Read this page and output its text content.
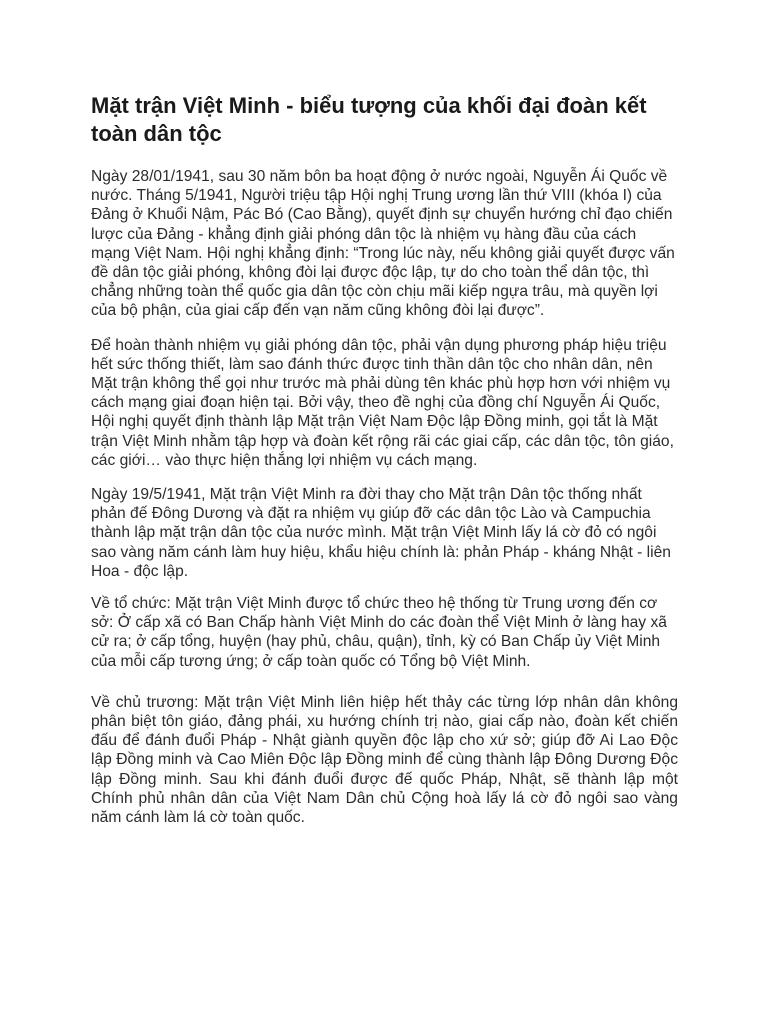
Mặt trận Việt Minh - biểu tượng của khối đại đoàn kết toàn dân tộc

Ngày 28/01/1941, sau 30 năm bôn ba hoạt động ở nước ngoài, Nguyễn Ái Quốc về nước. Tháng 5/1941, Người triệu tập Hội nghị Trung ương lần thứ VIII (khóa I) của Đảng ở Khuổi Nậm, Pác Bó (Cao Bằng), quyết định sự chuyển hướng chỉ đạo chiến lược của Đảng - khẳng định giải phóng dân tộc là nhiệm vụ hàng đầu của cách mạng Việt Nam. Hội nghị khẳng định: “Trong lúc này, nếu không giải quyết được vấn đề dân tộc giải phóng, không đòi lại được độc lập, tự do cho toàn thể dân tộc, thì chẳng những toàn thể quốc gia dân tộc còn chịu mãi kiếp ngựa trâu, mà quyền lợi của bộ phận, của giai cấp đến vạn năm cũng không đòi lại được”.

Để hoàn thành nhiệm vụ giải phóng dân tộc, phải vận dụng phương pháp hiệu triệu hết sức thống thiết, làm sao đánh thức được tinh thần dân tộc cho nhân dân, nên Mặt trận không thể gọi như trước mà phải dùng tên khác phù hợp hơn với nhiệm vụ cách mạng giai đoạn hiện tại. Bởi vậy, theo đề nghị của đồng chí Nguyễn Ái Quốc, Hội nghị quyết định thành lập Mặt trận Việt Nam Độc lập Đồng minh, gọi tắt là Mặt trận Việt Minh nhằm tập hợp và đoàn kết rộng rãi các giai cấp, các dân tộc, tôn giáo, các giới… vào thực hiện thắng lợi nhiệm vụ cách mạng.

Ngày 19/5/1941, Mặt trận Việt Minh ra đời thay cho Mặt trận Dân tộc thống nhất phản đế Đông Dương và đặt ra nhiệm vụ giúp đỡ các dân tộc Lào và Campuchia thành lập mặt trận dân tộc của nước mình. Mặt trận Việt Minh lấy lá cờ đỏ có ngôi sao vàng năm cánh làm huy hiệu, khẩu hiệu chính là: phản Pháp - kháng Nhật - liên Hoa - độc lập.

Về tổ chức: Mặt trận Việt Minh được tổ chức theo hệ thống từ Trung ương đến cơ sở: Ở cấp xã có Ban Chấp hành Việt Minh do các đoàn thể Việt Minh ở làng hay xã cử ra; ở cấp tổng, huyện (hay phủ, châu, quận), tỉnh, kỳ có Ban Chấp ủy Việt Minh của mỗi cấp tương ứng; ở cấp toàn quốc có Tổng bộ Việt Minh.

Về chủ trương: Mặt trận Việt Minh liên hiệp hết thảy các từng lớp nhân dân không phân biệt tôn giáo, đảng phái, xu hướng chính trị nào, giai cấp nào, đoàn kết chiến đấu để đánh đuổi Pháp - Nhật giành quyền độc lập cho xứ sở; giúp đỡ Ai Lao Độc lập Đồng minh và Cao Miên Độc lập Đồng minh để cùng thành lập Đông Dương Độc lập Đồng minh. Sau khi đánh đuổi được đế quốc Pháp, Nhật, sẽ thành lập một Chính phủ nhân dân của Việt Nam Dân chủ Cộng hoà lấy lá cờ đỏ ngôi sao vàng năm cánh làm lá cờ toàn quốc.
